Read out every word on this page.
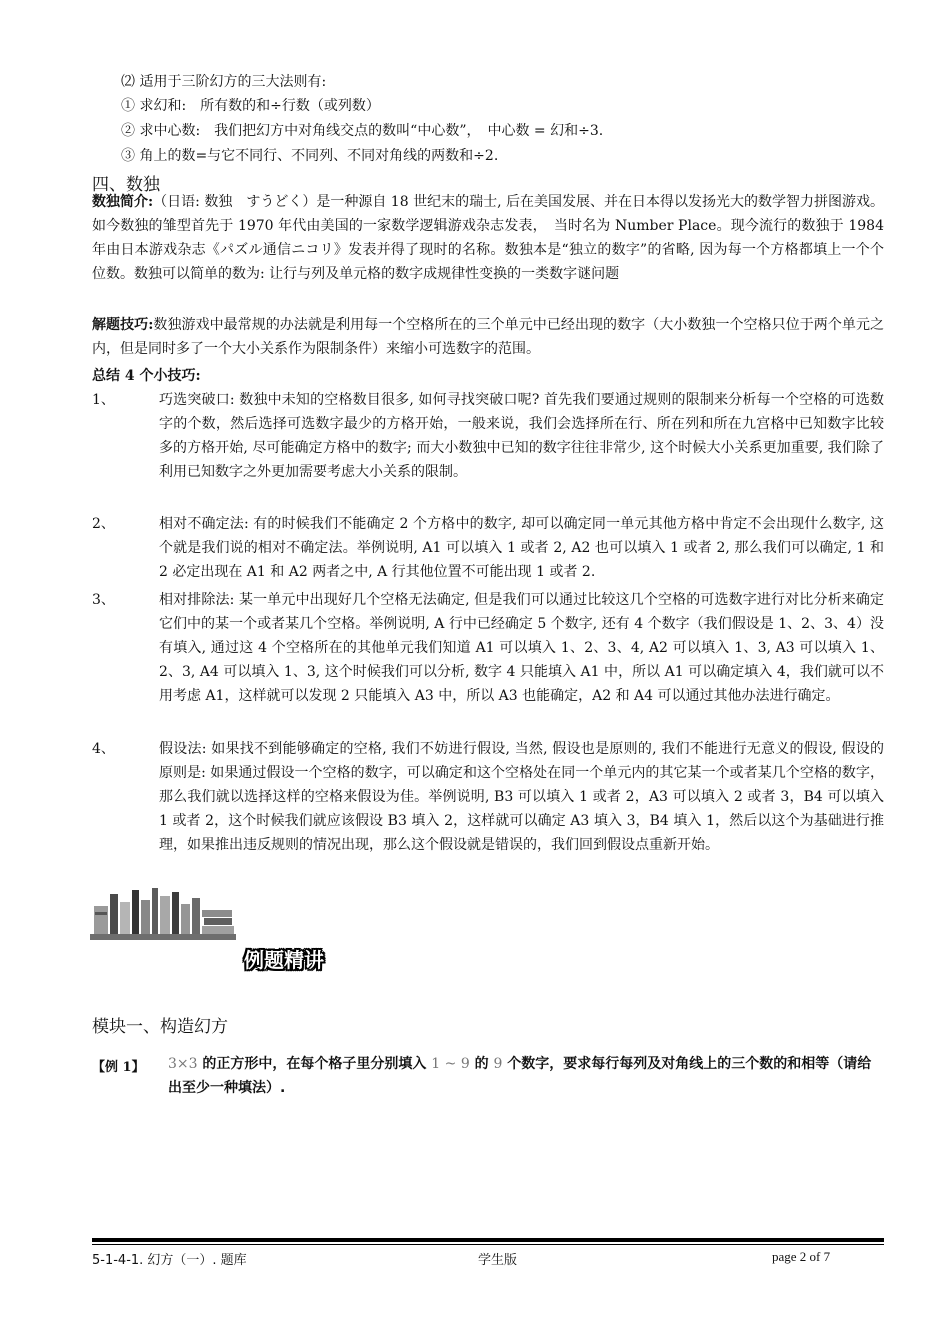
⑵ 适用于三阶幻方的三大法则有:
① 求幻和:　所有数的和÷行数（或列数）
② 求中心数:　我们把幻方中对角线交点的数叫“中心数”，　中心数 = 幻和÷3.
③ 角上的数=与它不同行、不同列、不同对角线的两数和÷2.
四、数独
数独简介:（日语: 数独　すうどく）是一种源自 18 世纪末的瑞士, 后在美国发展、并在日本得以发扬光大的数学智力拼图游戏。如今数独的雏型首先于 1970 年代由美国的一家数学逻辑游戏杂志发表，　当时名为 Number Place。现今流行的数独于 1984 年由日本游戏杂志《パズル通信ニコリ》发表并得了现时的名称。数独本是“独立的数字”的省略, 因为每一个方格都填上一个个位数。数独可以简单的数为: 让行与列及单元格的数字成规律性变换的一类数字谜问题
解题技巧:数独游戏中最常规的办法就是利用每一个空格所在的三个单元中已经出现的数字（大小数独一个空格只位于两个单元之内，但是同时多了一个大小关系作为限制条件）来缩小可选数字的范围。
总结 4 个小技巧:
1、	巧选突破口: 数独中未知的空格数目很多, 如何寻找突破口呢? 首先我们要通过规则的限制来分析每一个空格的可选数字的个数，然后选择可选数字最少的方格开始，一般来说，我们会选择所在行、所在列和所在九宫格中已知数字比较多的方格开始, 尽可能确定方格中的数字; 而大小数独中已知的数字往往非常少, 这个时候大小关系更加重要, 我们除了利用已知数字之外更加需要考虑大小关系的限制。
2、	相对不确定法: 有的时候我们不能确定 2 个方格中的数字, 却可以确定同一单元其他方格中肯定不会出现什么数字, 这个就是我们说的相对不确定法。举例说明, A1 可以填入 1 或者 2, A2 也可以填入 1 或者 2, 那么我们可以确定, 1 和 2 必定出现在 A1 和 A2 两者之中, A 行其他位置不可能出现 1 或者 2.
3、	相对排除法: 某一单元中出现好几个空格无法确定, 但是我们可以通过比较这几个空格的可选数字进行对比分析来确定它们中的某一个或者某几个空格。举例说明, A 行中已经确定 5 个数字, 还有 4 个数字（我们假设是 1、2、3、4）没有填入, 通过这 4 个空格所在的其他单元我们知道 A1 可以填入 1、2、3、4, A2 可以填入 1、3, A3 可以填入 1、2、3, A4 可以填入 1、3, 这个时候我们可以分析, 数字 4 只能填入 A1 中，所以 A1 可以确定填入 4，我们就可以不用考虑 A1，这样就可以发现 2 只能填入 A3 中，所以 A3 也能确定，A2 和 A4 可以通过其他办法进行确定。
4、	假设法: 如果找不到能够确定的空格, 我们不妨进行假设, 当然, 假设也是原则的, 我们不能进行无意义的假设, 假设的原则是: 如果通过假设一个空格的数字，可以确定和这个空格处在同一个单元内的其它某一个或者某几个空格的数字，那么我们就以选择这样的空格来假设为佳。举例说明, B3 可以填入 1 或者 2，A3 可以填入 2 或者 3，B4 可以填入 1 或者 2，这个时候我们就应该假设 B3 填入 2，这样就可以确定 A3 填入 3，B4 填入 1，然后以这个为基础进行推理，如果推出违反规则的情况出现，那么这个假设就是错误的，我们回到假设点重新开始。
例题精讲
模块一、构造幻方
【例 1】 3×3 的正方形中，在每个格子里分别填入 1 ~ 9 的 9 个数字，要求每行每列及对角线上的三个数的和相等（请给出至少一种填法）.
5-1-4-1. 幻方（一）. 题库	学生版	page 2 of 7
